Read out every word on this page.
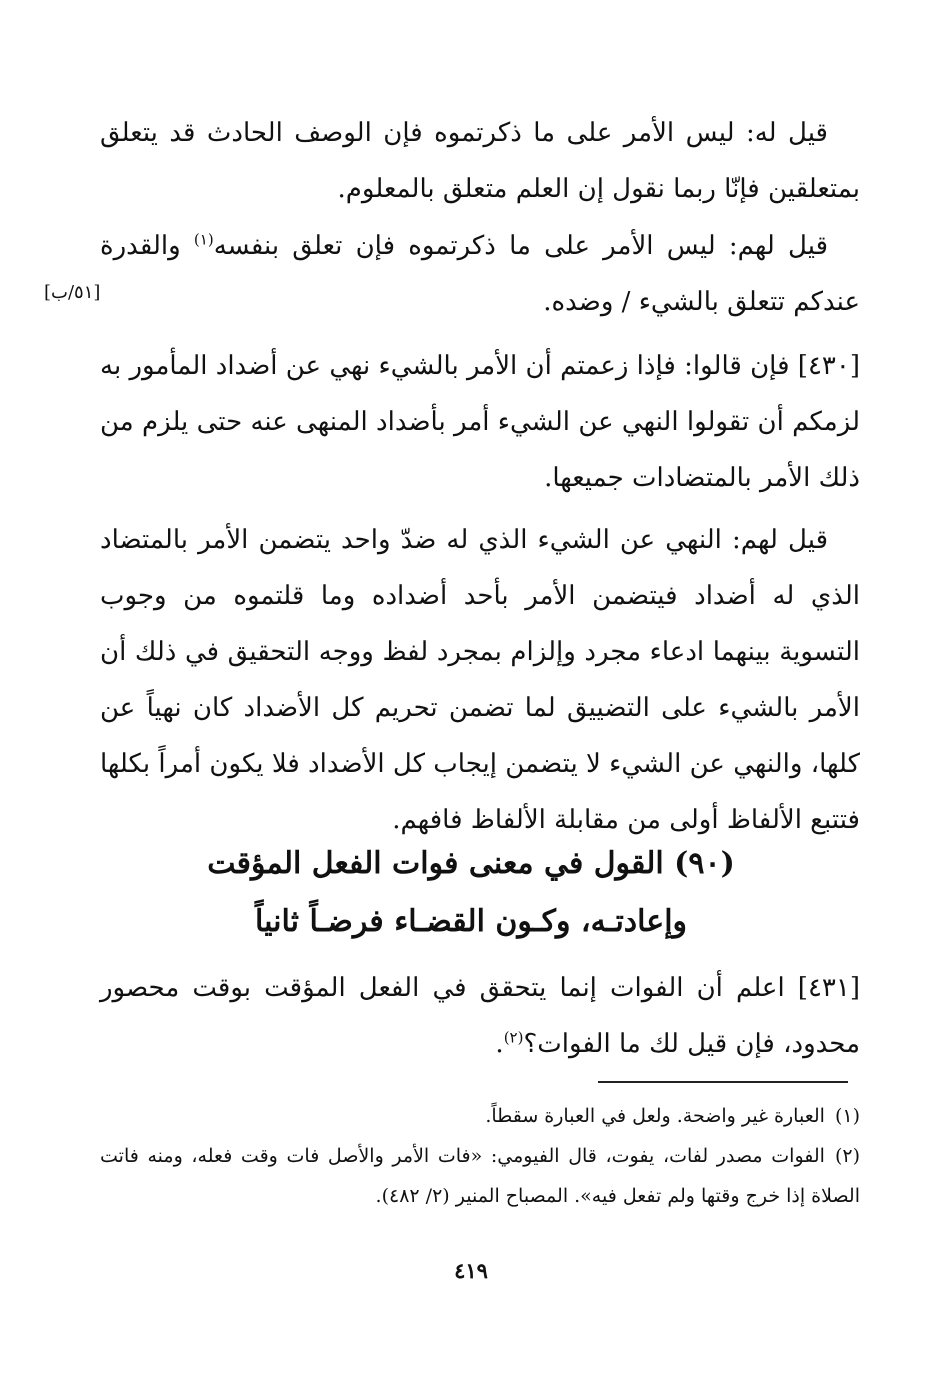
قيل له: ليس الأمر على ما ذكرتموه فإن الوصف الحادث قد يتعلق بمتعلقين فإنّا ربما نقول إن العلم متعلق بالمعلوم.

قيل لهم: ليس الأمر على ما ذكرتموه فإن تعلق بنفسه$^{(١)}$ والقدرة عندكم تتعلق بالشيء / وضده.

[٥١/ب]

[٤٣٠] فإن قالوا: فإذا زعمتم أن الأمر بالشيء نهي عن أضداد المأمور به لزمكم أن تقولوا النهي عن الشيء أمر بأضداد المنهى عنه حتى يلزم من ذلك الأمر بالمتضادات جميعها.

قيل لهم: النهي عن الشيء الذي له ضدّ واحد يتضمن الأمر بالمتضاد الذي له أضداد فيتضمن الأمر بأحد أضداده وما قلتموه من وجوب التسوية بينهما ادعاء مجرد وإلزام بمجرد لفظ ووجه التحقيق في ذلك أن الأمر بالشيء على التضييق لما تضمن تحريم كل الأضداد كان نهياً عن كلها، والنهي عن الشيء لا يتضمن إيجاب كل الأضداد فلا يكون أمراً بكلها فتتبع الألفاظ أولى من مقابلة الألفاظ فافهم.

(٩٠) القول في معنى فوات الفعل المؤقت
وإعادتـه، وكـون القضـاء فرضـاً ثانياً

[٤٣١] اعلم أن الفوات إنما يتحقق في الفعل المؤقت بوقت محصور محدود، فإن قيل لك ما الفوات؟$^{(٢)}$.

(١)العبارة غير واضحة. ولعل في العبارة سقطاً.

(٢)الفوات مصدر لفات، يفوت، قال الفيومي: «فات الأمر والأصل فات وقت فعله، ومنه فاتت الصلاة إذا خرج وقتها ولم تفعل فيه». المصباح المنير (٢/ ٤٨٢).

٤١٩
